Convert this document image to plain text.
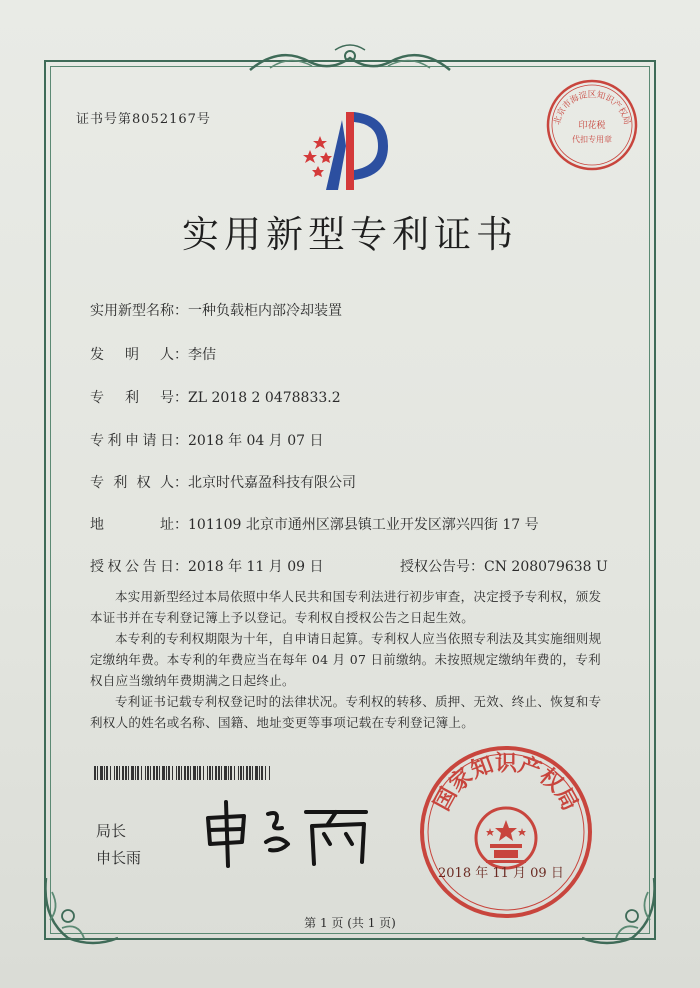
证书号第8052167号	北京市海淀区知识产权局
印花税
代扣专用章
实用新型专利证书
实用新型名称：一种负载柜内部冷却装置
发明人：李佶
专利号：ZL 2018 2 0478833.2
专利申请日：2018 年 04 月 07 日
专利权人：北京时代嘉盈科技有限公司
地址：101109 北京市通州区漷县镇工业开发区漷兴四街 17 号
授权公告日：2018 年 11 月 09 日	授权公告号：CN 208079638 U
本实用新型经过本局依照中华人民共和国专利法进行初步审查，决定授予专利权，颁发本证书并在专利登记簿上予以登记。专利权自授权公告之日起生效。
本专利的专利权期限为十年，自申请日起算。专利权人应当依照专利法及其实施细则规定缴纳年费。本专利的年费应当在每年 04 月 07 日前缴纳。未按照规定缴纳年费的，专利权自应当缴纳年费期满之日起终止。
专利证书记载专利权登记时的法律状况。专利权的转移、质押、无效、终止、恢复和专利权人的姓名或名称、国籍、地址变更等事项记载在专利登记簿上。
局长
申长雨
国家知识产权局
2018 年 11 月 09 日
第 1 页 (共 1 页)
